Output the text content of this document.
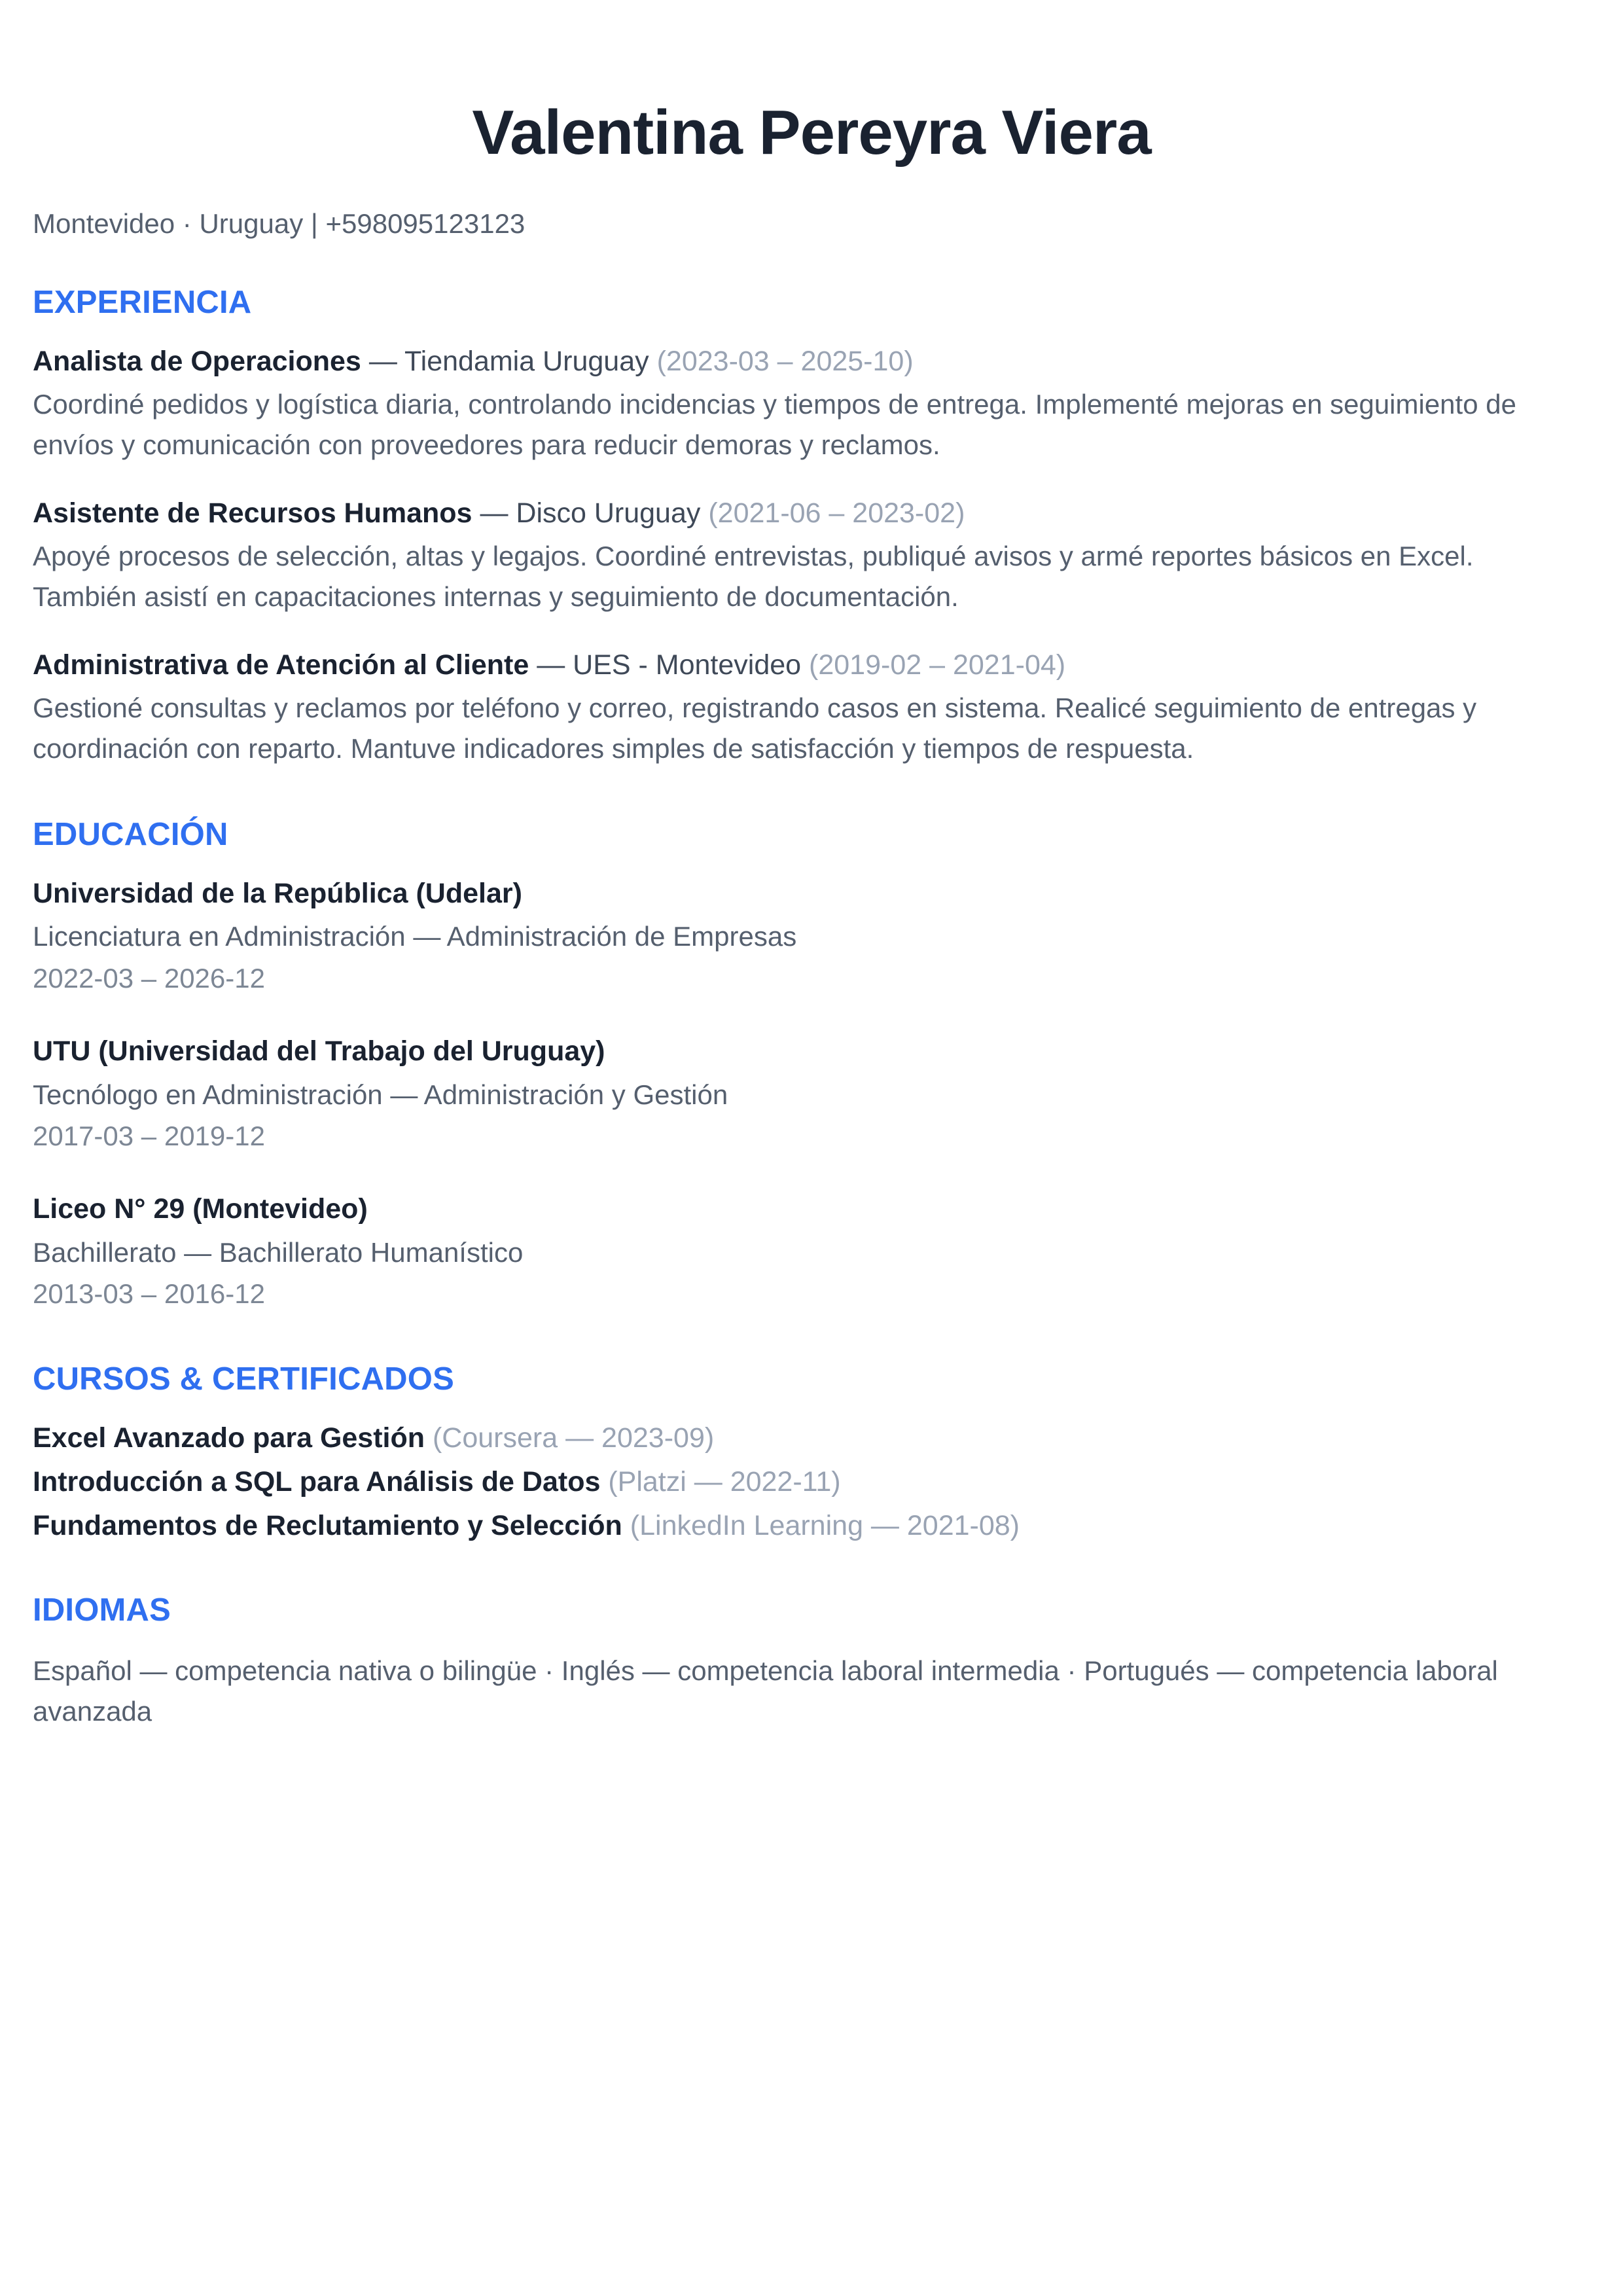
Valentina Pereyra Viera
Montevideo · Uruguay | +598095123123
EXPERIENCIA
Analista de Operaciones — Tiendamia Uruguay (2023-03 – 2025-10)

Coordiné pedidos y logística diaria, controlando incidencias y tiempos de entrega. Implementé mejoras en seguimiento de envíos y comunicación con proveedores para reducir demoras y reclamos.

Asistente de Recursos Humanos — Disco Uruguay (2021-06 – 2023-02)

Apoyé procesos de selección, altas y legajos. Coordiné entrevistas, publiqué avisos y armé reportes básicos en Excel. También asistí en capacitaciones internas y seguimiento de documentación.

Administrativa de Atención al Cliente — UES - Montevideo (2019-02 – 2021-04)

Gestioné consultas y reclamos por teléfono y correo, registrando casos en sistema. Realicé seguimiento de entregas y coordinación con reparto. Mantuve indicadores simples de satisfacción y tiempos de respuesta.

EDUCACIÓN
Universidad de la República (Udelar)
Licenciatura en Administración — Administración de Empresas
2022-03 – 2026-12
UTU (Universidad del Trabajo del Uruguay)
Tecnólogo en Administración — Administración y Gestión
2017-03 – 2019-12
Liceo N° 29 (Montevideo)
Bachillerato — Bachillerato Humanístico
2013-03 – 2016-12
CURSOS & CERTIFICADOS
Excel Avanzado para Gestión (Coursera — 2023-09)
Introducción a SQL para Análisis de Datos (Platzi — 2022-11)
Fundamentos de Reclutamiento y Selección (LinkedIn Learning — 2021-08)
IDIOMAS

Español — competencia nativa o bilingüe · Inglés — competencia laboral intermedia · Portugués — competencia laboral avanzada
